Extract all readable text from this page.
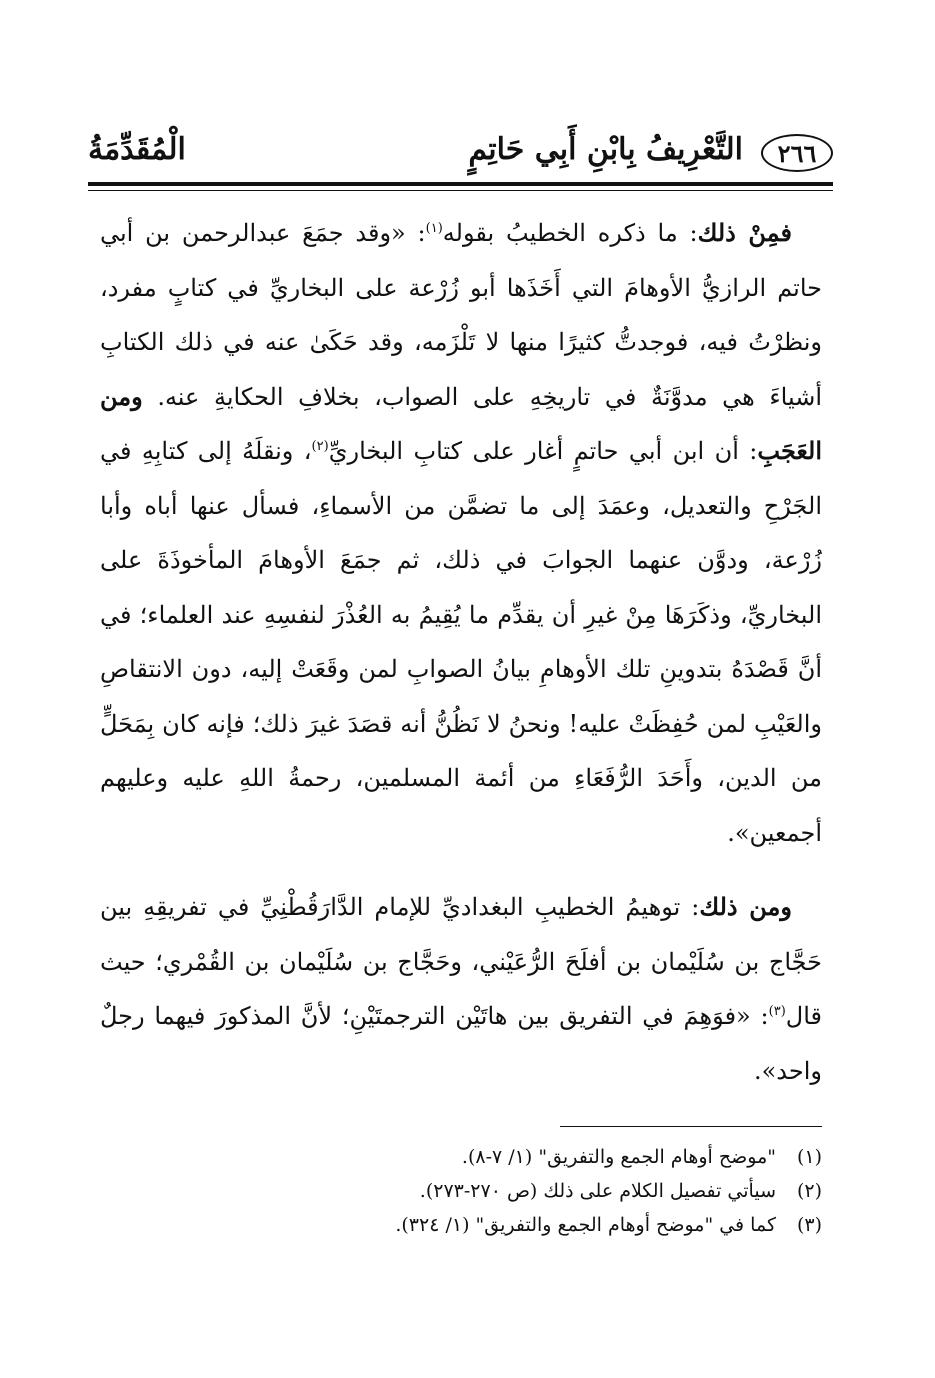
٢٦٦
التَّعْرِيفُ بِابْنِ أَبِي حَاتِمٍ
الْمُقَدِّمَةُ

فمِنْ ذلك: ما ذكره الخطيبُ بقوله$^{(١)}$: «وقد جمَعَ عبدالرحمن بن أبي حاتم الرازيُّ الأوهامَ التي أَخَذَها أبو زُرْعة على البخاريِّ في كتابٍ مفرد، ونظرْتُ فيه، فوجدتُّ كثيرًا منها لا تَلْزَمه، وقد حَكَىٰ عنه في ذلك الكتابِ أشياءَ هي مدوَّنَةٌ في تاريخِهِ على الصواب، بخلافِ الحكايةِ عنه. ومن العَجَبِ: أن ابن أبي حاتمٍ أغار على كتابِ البخاريِّ$^{(٢)}$، ونقلَهُ إلى كتابِهِ في الجَرْحِ والتعديل، وعمَدَ إلى ما تضمَّن من الأسماءِ، فسأل عنها أباه وأبا زُرْعة، ودوَّن عنهما الجوابَ في ذلك، ثم جمَعَ الأوهامَ المأخوذَةَ على البخاريِّ، وذكَرَهَا مِنْ غيرِ أن يقدِّم ما يُقِيمُ به العُذْرَ لنفسِهِ عند العلماء؛ في أنَّ قَصْدَهُ بتدوينِ تلك الأوهامِ بيانُ الصوابِ لمن وقَعَتْ إليه، دون الانتقاصِ والعَيْبِ لمن حُفِظَتْ عليه! ونحنُ لا نَظُنُّ أنه قصَدَ غيرَ ذلك؛ فإنه كان بِمَحَلٍّ من الدين، وأَحَدَ الرُّفَعَاءِ من أئمة المسلمين، رحمةُ اللهِ عليه وعليهم أجمعين».

ومن ذلك: توهيمُ الخطيبِ البغداديِّ للإمام الدَّارَقُطْنِيِّ في تفريقِهِ بين حَجَّاج بن سُلَيْمان بن أفلَحَ الرُّعَيْني، وحَجَّاج بن سُلَيْمان بن القُمْري؛ حيث قال$^{(٣)}$: «فوَهِمَ في التفريق بين هاتَيْن الترجمتَيْنِ؛ لأنَّ المذكورَ فيهما رجلٌ واحد».

(١)
"موضح أوهام الجمع والتفريق" (١/ ٧-٨).
(٢)
سيأتي تفصيل الكلام على ذلك (ص ٢٧٠-٢٧٣).
(٣)
كما في "موضح أوهام الجمع والتفريق" (١/ ٣٢٤).
